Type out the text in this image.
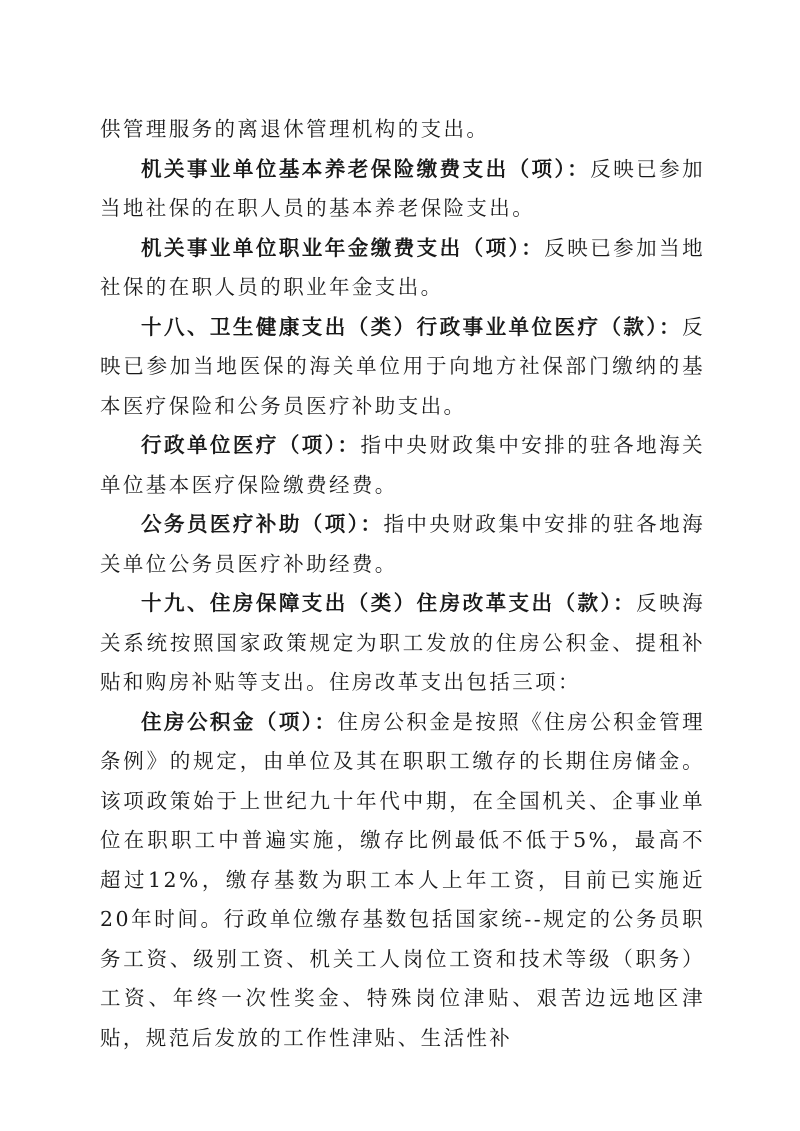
供管理服务的离退休管理机构的支出。

机关事业单位基本养老保险缴费支出（项）：反映已参加当地社保的在职人员的基本养老保险支出。

机关事业单位职业年金缴费支出（项）：反映已参加当地社保的在职人员的职业年金支出。

十八、卫生健康支出（类）行政事业单位医疗（款）：反映已参加当地医保的海关单位用于向地方社保部门缴纳的基本医疗保险和公务员医疗补助支出。

行政单位医疗（项）：指中央财政集中安排的驻各地海关单位基本医疗保险缴费经费。

公务员医疗补助（项）：指中央财政集中安排的驻各地海关单位公务员医疗补助经费。

十九、住房保障支出（类）住房改革支出（款）：反映海关系统按照国家政策规定为职工发放的住房公积金、提租补贴和购房补贴等支出。住房改革支出包括三项：

住房公积金（项）：住房公积金是按照《住房公积金管理条例》的规定，由单位及其在职职工缴存的长期住房储金。该项政策始于上世纪九十年代中期，在全国机关、企事业单位在职职工中普遍实施，缴存比例最低不低于5%，最高不超过12%，缴存基数为职工本人上年工资，目前已实施近20年时间。行政单位缴存基数包括国家统--规定的公务员职务工资、级别工资、机关工人岗位工资和技术等级（职务）工资、年终一次性奖金、特殊岗位津贴、艰苦边远地区津贴，规范后发放的工作性津贴、生活性补
